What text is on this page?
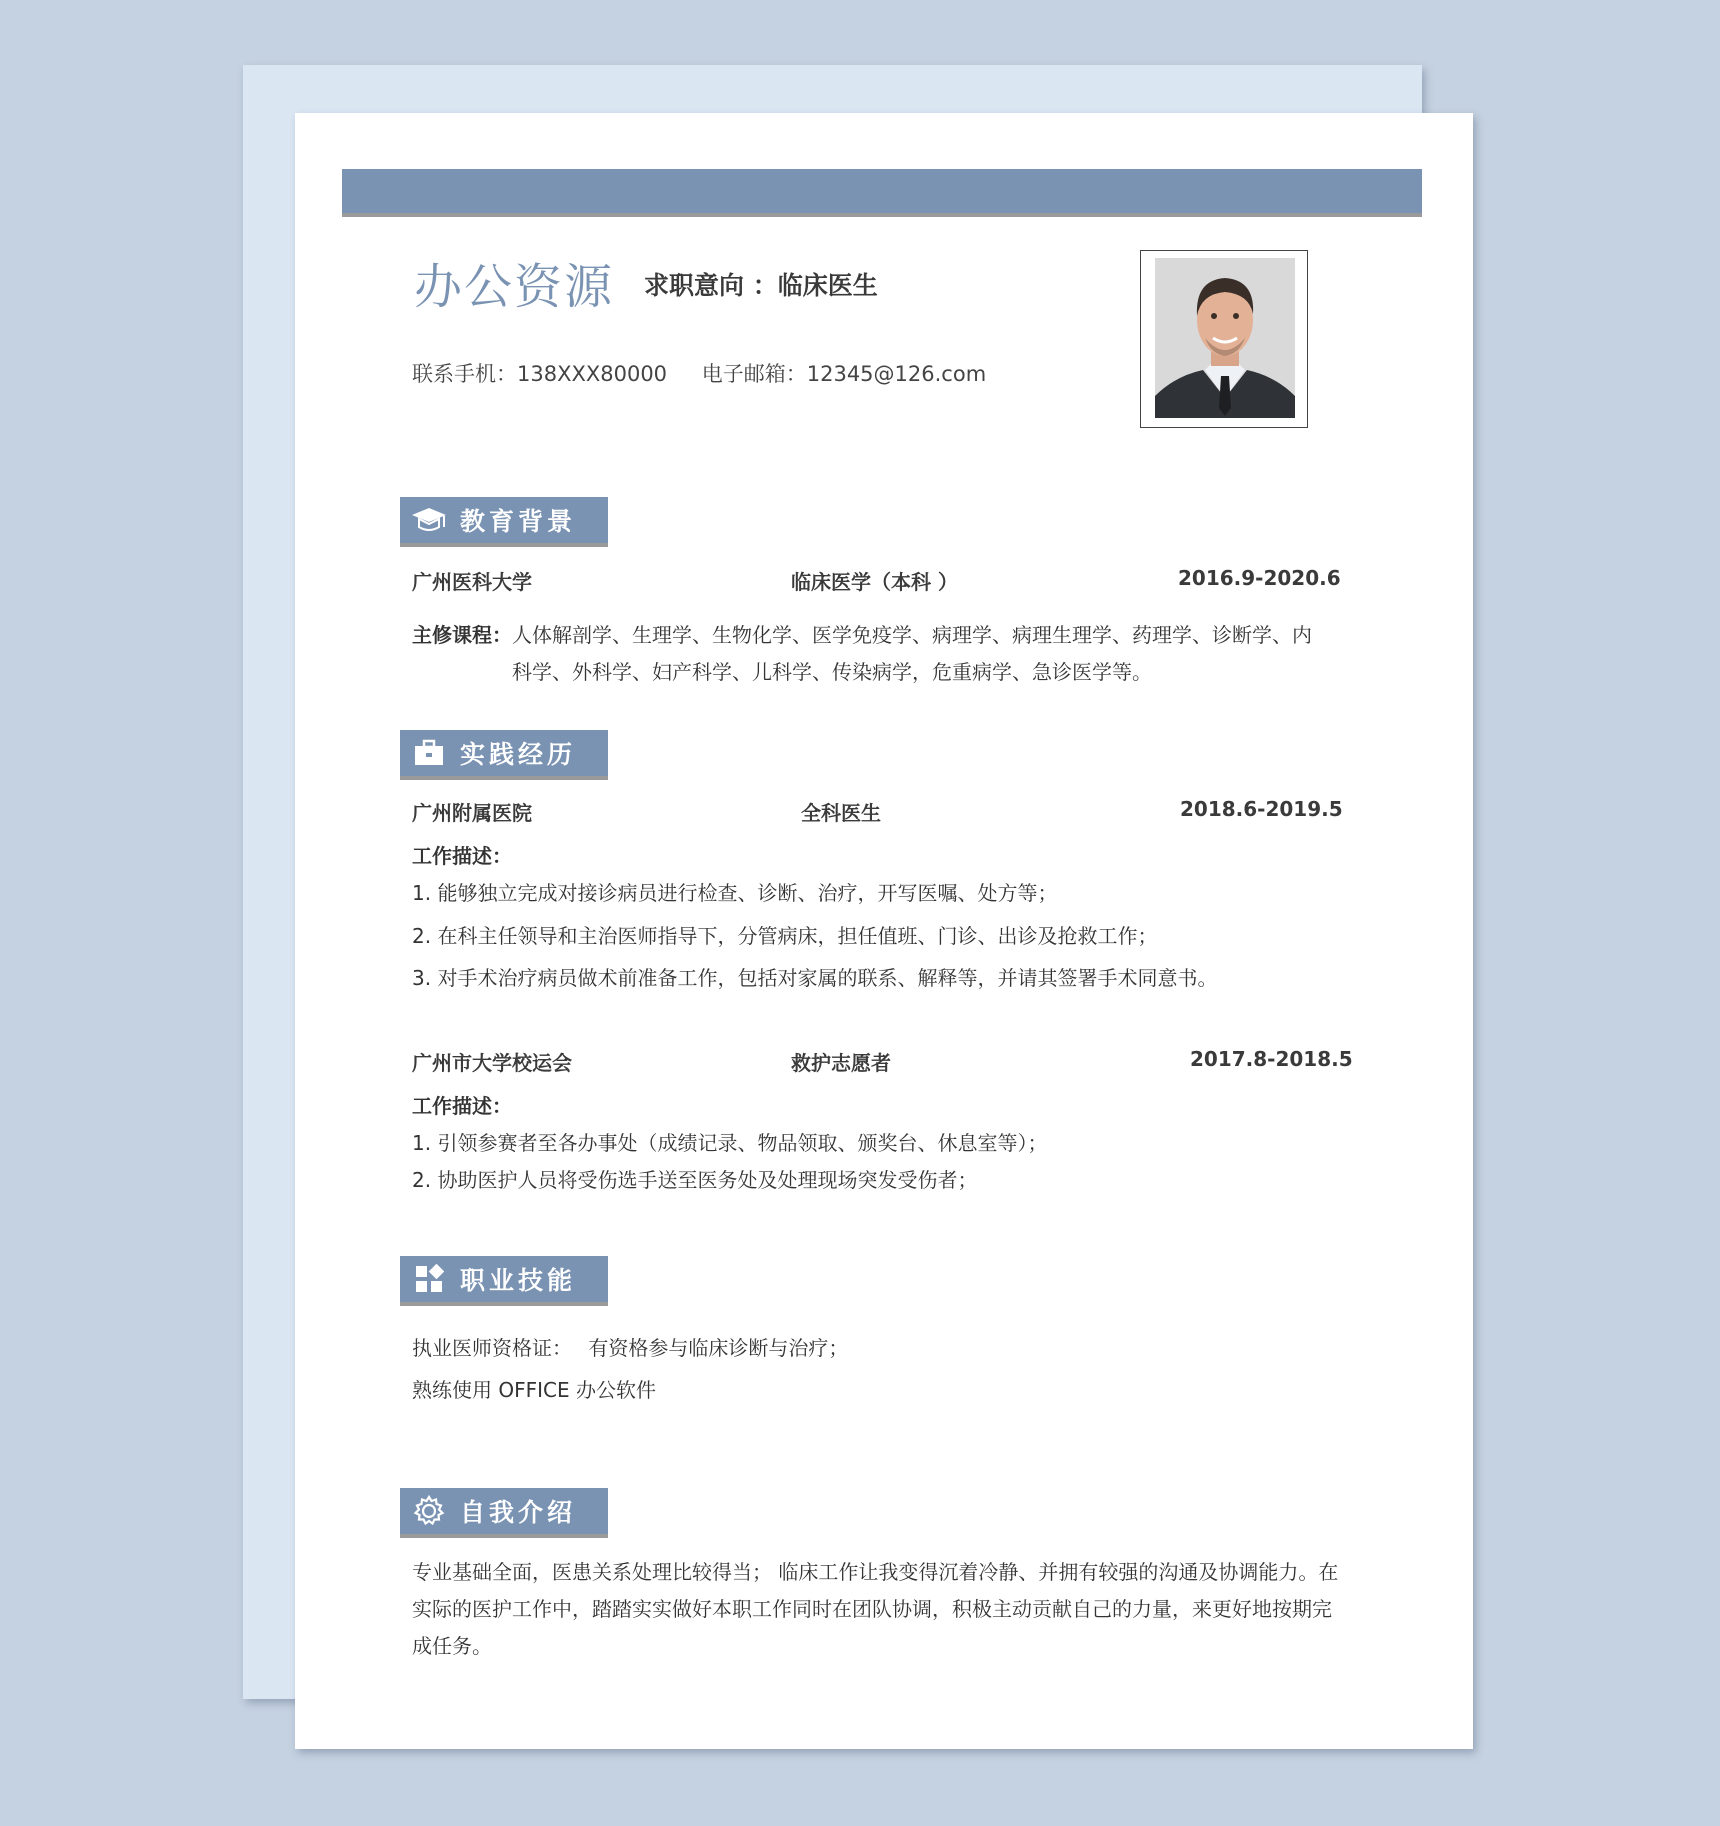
办公资源 求职意向 ：临床医生
联系手机：138XXX80000 电子邮箱：12345@126.com
教育背景
广州医科大学	临床医学（本科 ）	2016.9-2020.6
主修课程： 人体解剖学、生理学、生物化学、医学免疫学、病理学、病理生理学、药理学、诊断学、内
科学、外科学、妇产科学、儿科学、传染病学，危重病学、急诊医学等。
实践经历
广州附属医院	全科医生	2018.6-2019.5
工作描述：
1. 能够独立完成对接诊病员进行检查、诊断、治疗，开写医嘱、处方等；
2. 在科主任领导和主治医师指导下，分管病床，担任值班、门诊、出诊及抢救工作；
3. 对手术治疗病员做术前准备工作，包括对家属的联系、解释等，并请其签署手术同意书。
广州市大学校运会	救护志愿者	2017.8-2018.5
工作描述：
1. 引领参赛者至各办事处（成绩记录、物品领取、颁奖台、休息室等）；
2. 协助医护人员将受伤选手送至医务处及处理现场突发受伤者；
职业技能
执业医师资格证： 有资格参与临床诊断与治疗；
熟练使用 OFFICE 办公软件
自我介绍
专业基础全面，医患关系处理比较得当； 临床工作让我变得沉着冷静、并拥有较强的沟通及协调能力。在
实际的医护工作中，踏踏实实做好本职工作同时在团队协调，积极主动贡献自己的力量，来更好地按期完
成任务。
